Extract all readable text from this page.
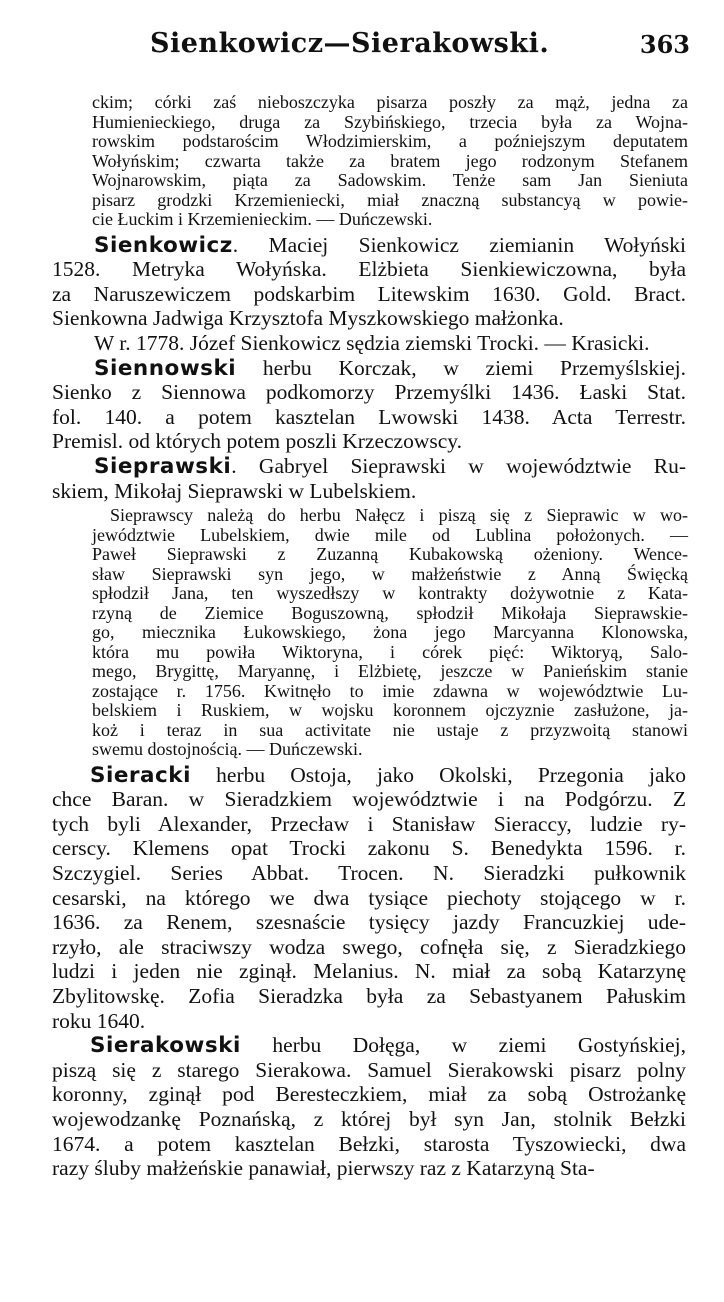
Sienkowicz—Sierakowski.	363
ckim; córki zaś nieboszczyka pisarza poszły za mąż, jedna za
Humienieckiego, druga za Szybińskiego, trzecia była za Wojna-
rowskim podstarościm Włodzimierskim, a poźniejszym deputatem
Wołyńskim; czwarta także za bratem jego rodzonym Stefanem
Wojnarowskim, piąta za Sadowskim. Tenże sam Jan Sieniuta
pisarz grodzki Krzemieniecki, miał znaczną substancyą w powie-
cie Łuckim i Krzemienieckim. — Duńczewski.
Sienkowicz. Maciej Sienkowicz ziemianin Wołyński
1528. Metryka Wołyńska. Elżbieta Sienkiewiczowna, była
za Naruszewiczem podskarbim Litewskim 1630. Gold. Bract.
Sienkowna Jadwiga Krzysztofa Myszkowskiego małżonka.
W r. 1778. Józef Sienkowicz sędzia ziemski Trocki. — Krasicki.
Siennowski herbu Korczak, w ziemi Przemyślskiej.
Sienko z Siennowa podkomorzy Przemyślki 1436. Łaski Stat.
fol. 140. a potem kasztelan Lwowski 1438. Acta Terrestr.
Premisl. od których potem poszli Krzeczowscy.
Sieprawski. Gabryel Sieprawski w województwie Ru-
skiem, Mikołaj Sieprawski w Lubelskiem.
Sieprawscy należą do herbu Nałęcz i piszą się z Sieprawic w wo-
jewództwie Lubelskiem, dwie mile od Lublina położonych. —
Paweł Sieprawski z Zuzanną Kubakowską ożeniony. Wence-
sław Sieprawski syn jego, w małżeństwie z Anną Święcką
spłodził Jana, ten wyszedłszy w kontrakty dożywotnie z Kata-
rzyną de Ziemice Boguszowną, spłodził Mikołaja Sieprawskie-
go, miecznika Łukowskiego, żona jego Marcyanna Klonowska,
która mu powiła Wiktoryna, i córek pięć: Wiktoryą, Salo-
mego, Brygittę, Maryannę, i Elżbietę, jeszcze w Panieńskim stanie
zostające r. 1756. Kwitnęło to imie zdawna w województwie Lu-
belskiem i Ruskiem, w wojsku koronnem ojczyznie zasłużone, ja-
koż i teraz in sua activitate nie ustaje z przyzwoitą stanowi
swemu dostojnością. — Duńczewski.
Sieracki herbu Ostoja, jako Okolski, Przegonia jako
chce Baran. w Sieradzkiem województwie i na Podgórzu. Z
tych byli Alexander, Przecław i Stanisław Sieraccy, ludzie ry-
cerscy. Klemens opat Trocki zakonu S. Benedykta 1596. r.
Szczygiel. Series Abbat. Trocen. N. Sieradzki pułkownik
cesarski, na którego we dwa tysiące piechoty stojącego w r.
1636. za Renem, szesnaście tysięcy jazdy Francuzkiej ude-
rzyło, ale straciwszy wodza swego, cofnęła się, z Sieradzkiego
ludzi i jeden nie zginął. Melanius. N. miał za sobą Katarzynę
Zbylitowskę. Zofia Sieradzka była za Sebastyanem Pałuskim
roku 1640.
Sierakowski herbu Dołęga, w ziemi Gostyńskiej,
piszą się z starego Sierakowa. Samuel Sierakowski pisarz polny
koronny, zginął pod Beresteczkiem, miał za sobą Ostrożankę
wojewodzankę Poznańską, z której był syn Jan, stolnik Bełzki
1674. a potem kasztelan Bełzki, starosta Tyszowiecki, dwa
razy śluby małżeńskie panawiał, pierwszy raz z Katarzyną Sta-
